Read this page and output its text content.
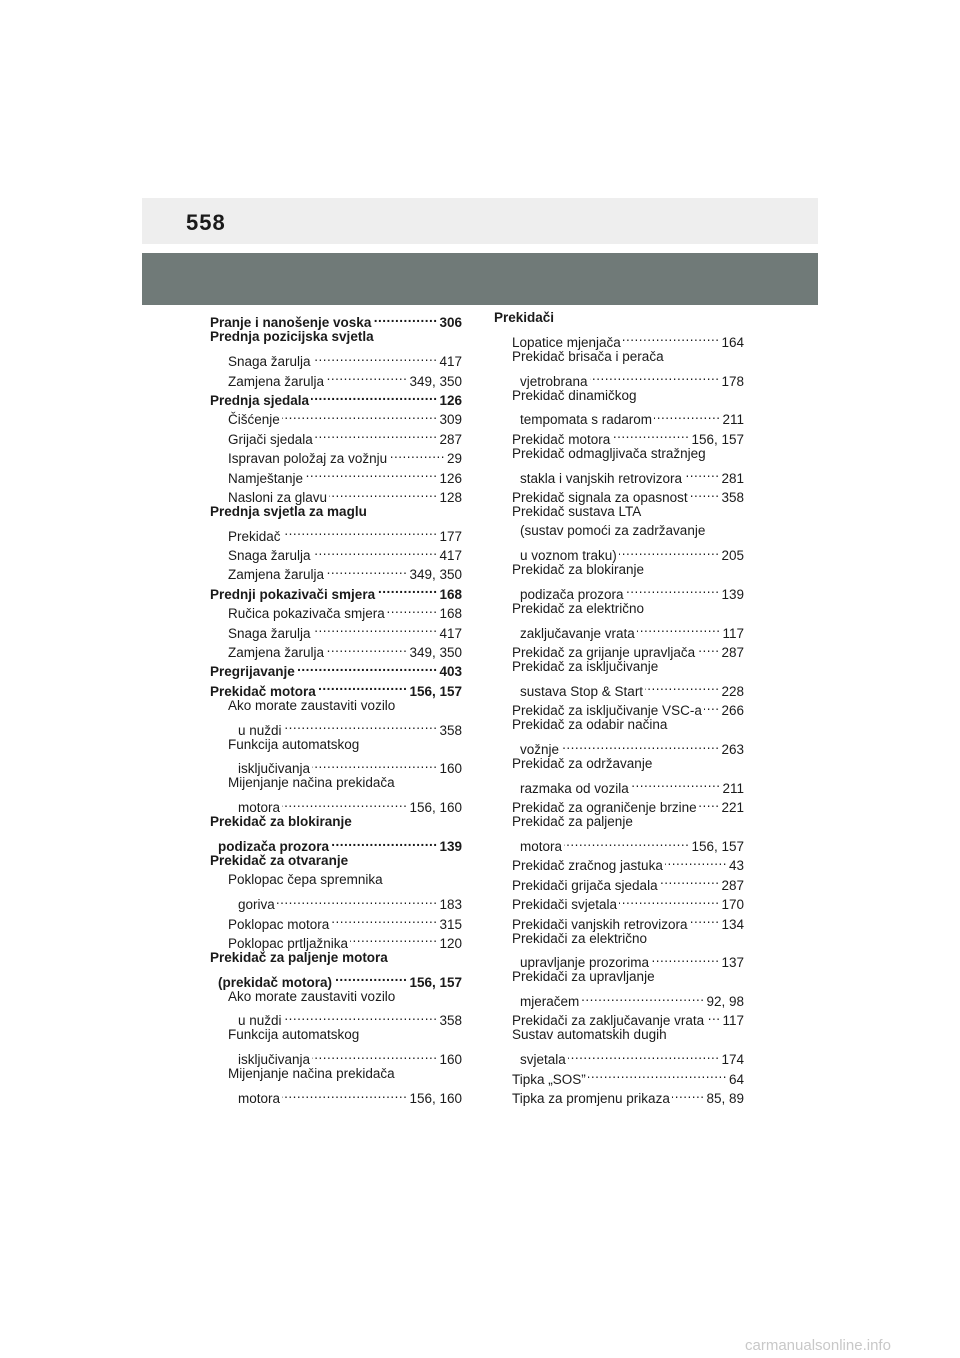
558
Pranje i nanošenje voska .....	306
Prednja pozicijska svjetla
Snaga žarulja .....	417
Zamjena žarulja .....	349, 350
Prednja sjedala .....	126
Čišćenje .....	309
Grijači sjedala .....	287
Ispravan položaj za vožnju .....	29
Namještanje .....	126
Nasloni za glavu .....	128
Prednja svjetla za maglu
Prekidač .....	177
Snaga žarulja .....	417
Zamjena žarulja .....	349, 350
Prednji pokazivači smjera .....	168
Ručica pokazivača smjera .....	168
Snaga žarulja .....	417
Zamjena žarulja .....	349, 350
Pregrijavanje .....	403
Prekidač motora .....	156, 157
Ako morate zaustaviti vozilo
u nuždi .....	358
Funkcija automatskog
isključivanja .....	160
Mijenjanje načina prekidača
motora .....	156, 160
Prekidač za blokiranje
podizača prozora .....	139
Prekidač za otvaranje
Poklopac čepa spremnika
goriva .....	183
Poklopac motora .....	315
Poklopac prtljažnika .....	120
Prekidač za paljenje motora
(prekidač motora) .....	156, 157
Ako morate zaustaviti vozilo
u nuždi .....	358
Funkcija automatskog
isključivanja .....	160
Mijenjanje načina prekidača
motora .....	156, 160
Prekidači
Lopatice mjenjača .....	164
Prekidač brisača i perača
vjetrobrana .....	178
Prekidač dinamičkog
tempomata s radarom .....	211
Prekidač motora .....	156, 157
Prekidač odmagljivača stražnjeg
stakla i vanjskih retrovizora .....	281
Prekidač signala za opasnost .....	358
Prekidač sustava LTA
(sustav pomoći za zadržavanje
u voznom traku) .....	205
Prekidač za blokiranje
podizača prozora .....	139
Prekidač za električno
zaključavanje vrata .....	117
Prekidač za grijanje upravljača ..... 287
Prekidač za isključivanje
sustava Stop & Start .....	228
Prekidač za isključivanje VSC-a ..... 266
Prekidač za odabir načina
vožnje .....	263
Prekidač za održavanje
razmaka od vozila .....	211
Prekidač za ograničenje brzine ..... 221
Prekidač za paljenje
motora .....	156, 157
Prekidač zračnog jastuka .....	43
Prekidači grijača sjedala .....	287
Prekidači svjetala .....	170
Prekidači vanjskih retrovizora .....	134
Prekidači za električno
upravljanje prozorima .....	137
Prekidači za upravljanje
mjeračem .....	92, 98
Prekidači za zaključavanje vrata ..... 117
Sustav automatskih dugih
svjetala .....	174
Tipka „SOS” .....	64
Tipka za promjenu prikaza .....	85, 89
carmanualsonline.info
